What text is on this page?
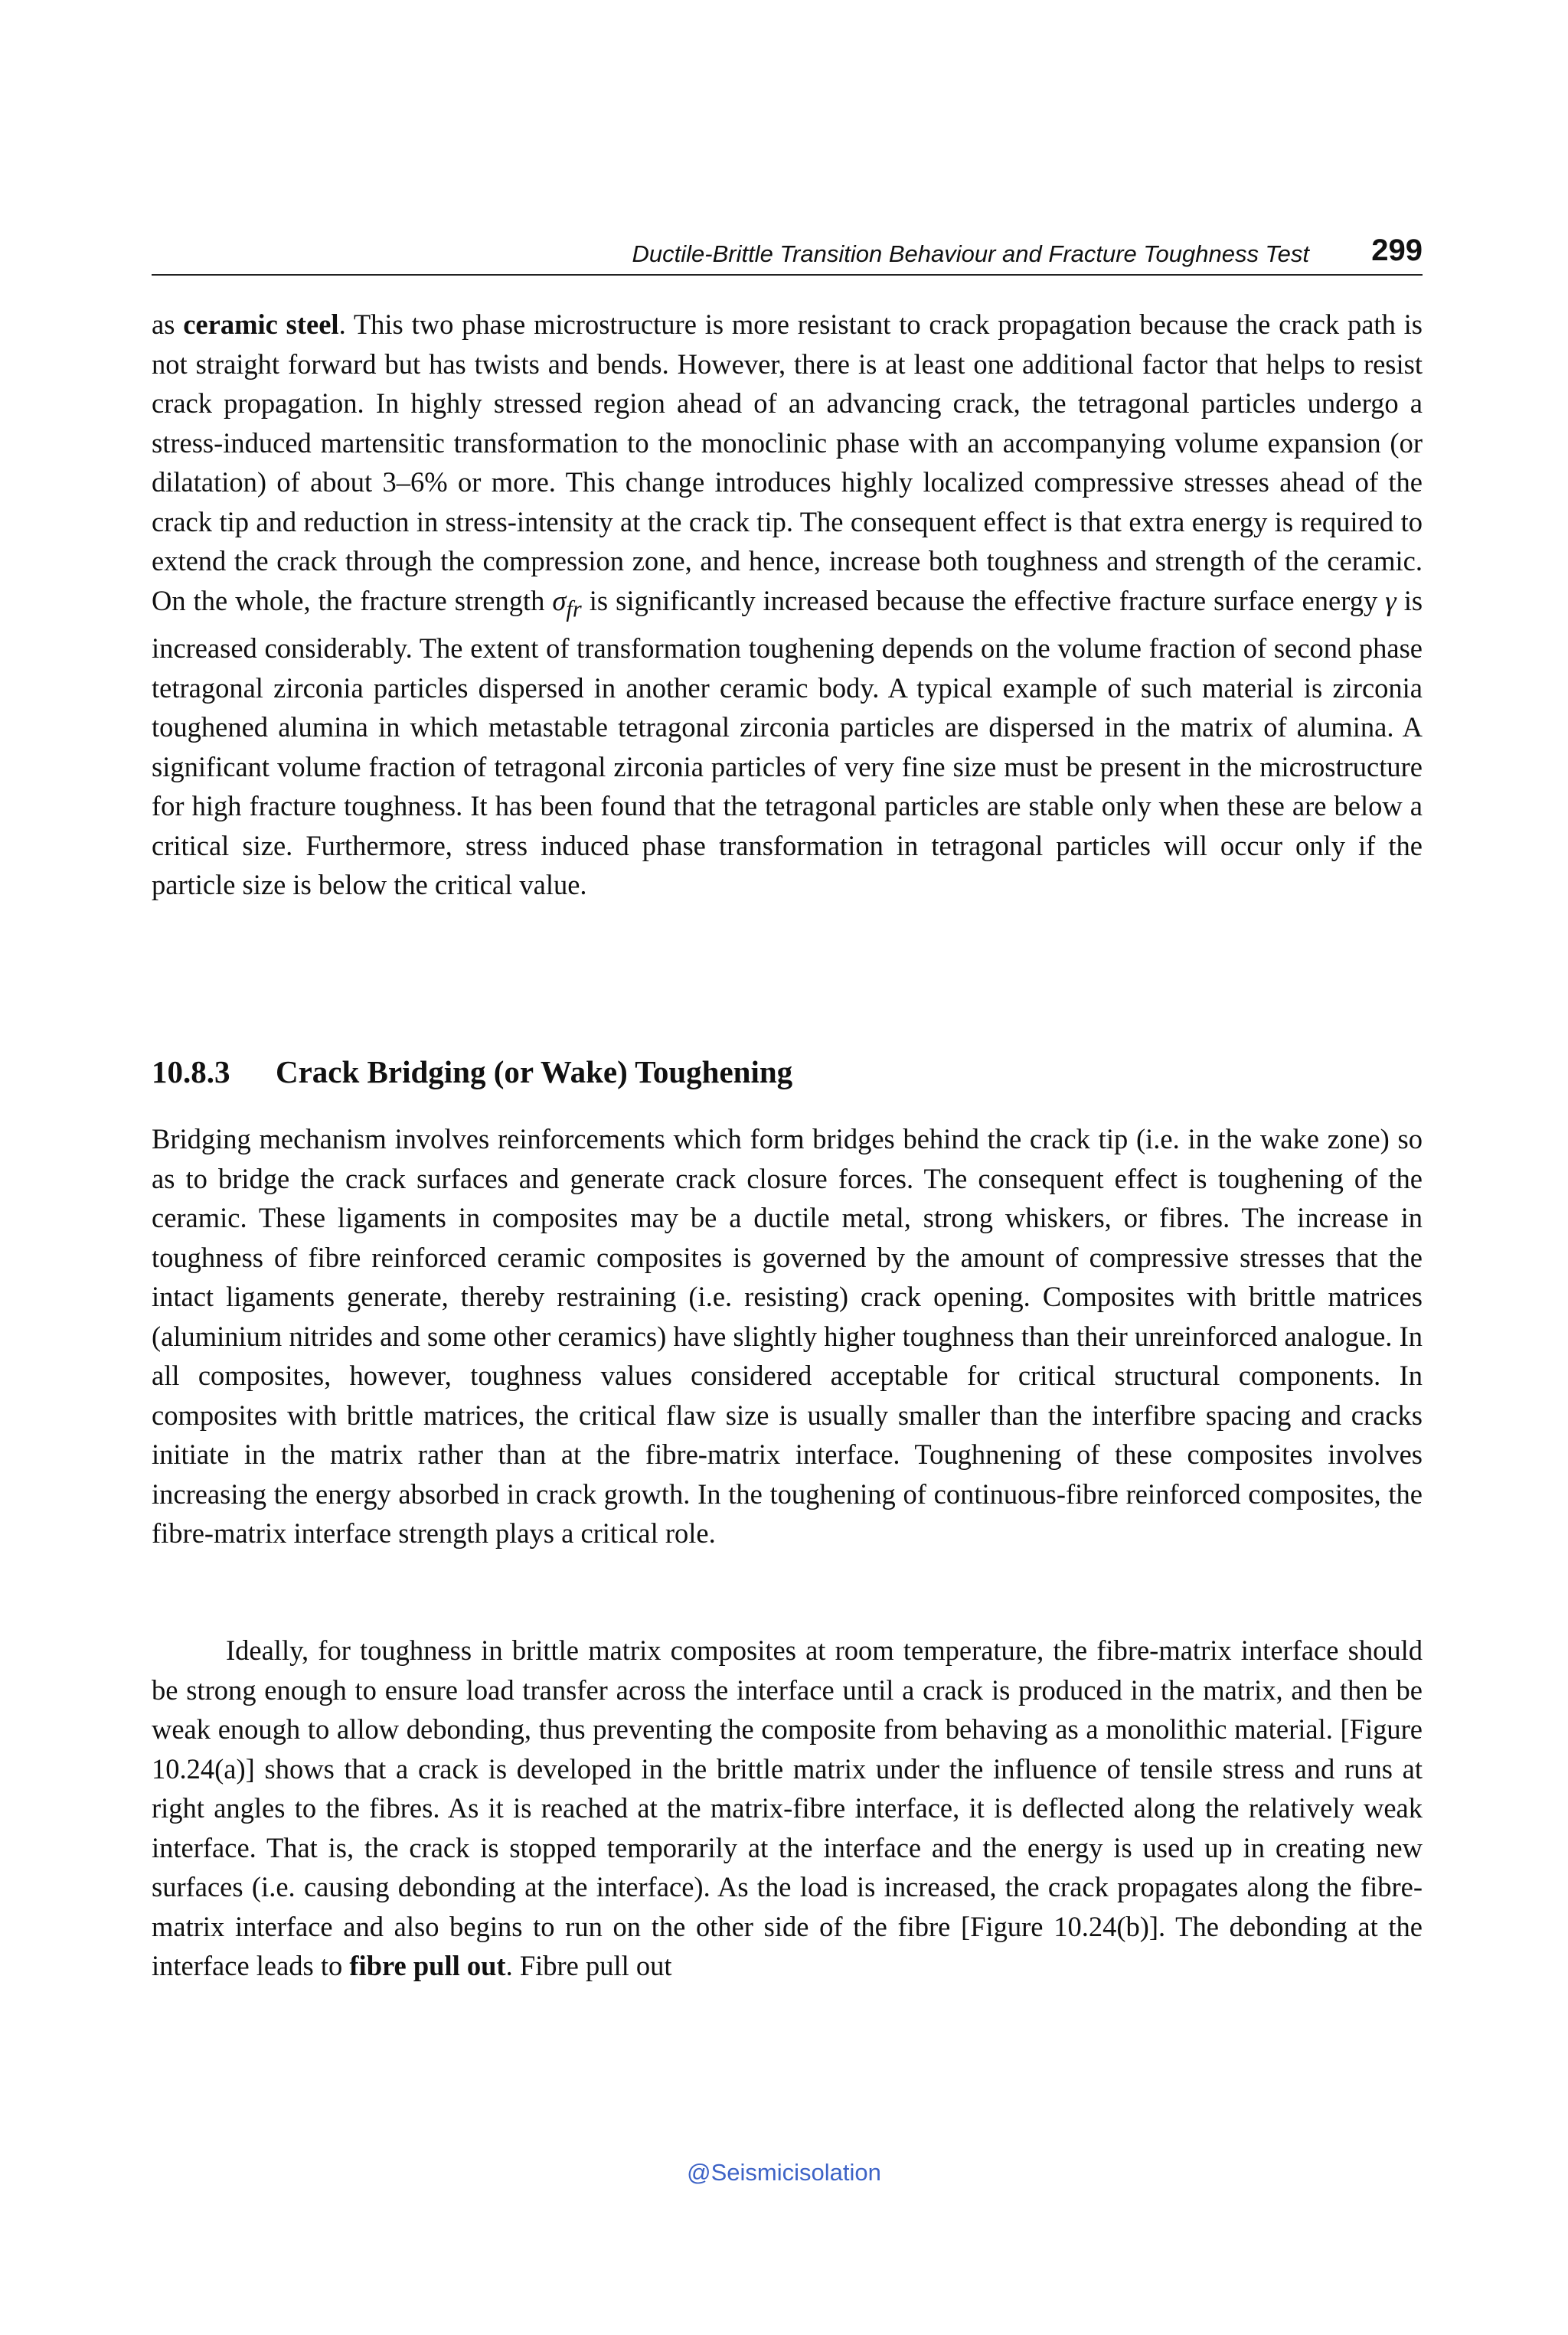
Ductile-Brittle Transition Behaviour and Fracture Toughness Test 299

as ceramic steel. This two phase microstructure is more resistant to crack propagation because the crack path is not straight forward but has twists and bends. However, there is at least one additional factor that helps to resist crack propagation. In highly stressed region ahead of an advancing crack, the tetragonal particles undergo a stress-induced martensitic transformation to the monoclinic phase with an accompanying volume expansion (or dilatation) of about 3–6% or more. This change introduces highly localized compressive stresses ahead of the crack tip and reduction in stress-intensity at the crack tip. The consequent effect is that extra energy is required to extend the crack through the compression zone, and hence, increase both toughness and strength of the ceramic. On the whole, the fracture strength $\sigma_{fr}$ is significantly increased because the effective fracture surface energy γ is increased considerably. The extent of transformation toughening depends on the volume fraction of second phase tetragonal zirconia particles dispersed in another ceramic body. A typical example of such material is zirconia toughened alumina in which metastable tetragonal zirconia particles are dispersed in the matrix of alumina. A significant volume fraction of tetragonal zirconia particles of very fine size must be present in the microstructure for high fracture toughness. It has been found that the tetragonal particles are stable only when these are below a critical size. Furthermore, stress induced phase transformation in tetragonal particles will occur only if the particle size is below the critical value.

10.8.3 Crack Bridging (or Wake) Toughening

Bridging mechanism involves reinforcements which form bridges behind the crack tip (i.e. in the wake zone) so as to bridge the crack surfaces and generate crack closure forces. The consequent effect is toughening of the ceramic. These ligaments in composites may be a ductile metal, strong whiskers, or fibres. The increase in toughness of fibre reinforced ceramic composites is governed by the amount of compressive stresses that the intact ligaments generate, thereby restraining (i.e. resisting) crack opening. Composites with brittle matrices (aluminium nitrides and some other ceramics) have slightly higher toughness than their unreinforced analogue. In all composites, however, toughness values considered acceptable for critical structural components. In composites with brittle matrices, the critical flaw size is usually smaller than the interfibre spacing and cracks initiate in the matrix rather than at the fibre-matrix interface. Toughnening of these composites involves increasing the energy absorbed in crack growth. In the toughening of continuous-fibre reinforced composites, the fibre-matrix interface strength plays a critical role.

Ideally, for toughness in brittle matrix composites at room temperature, the fibre-matrix interface should be strong enough to ensure load transfer across the interface until a crack is produced in the matrix, and then be weak enough to allow debonding, thus preventing the composite from behaving as a monolithic material. [Figure 10.24(a)] shows that a crack is developed in the brittle matrix under the influence of tensile stress and runs at right angles to the fibres. As it is reached at the matrix-fibre interface, it is deflected along the relatively weak interface. That is, the crack is stopped temporarily at the interface and the energy is used up in creating new surfaces (i.e. causing debonding at the interface). As the load is increased, the crack propagates along the fibre-matrix interface and also begins to run on the other side of the fibre [Figure 10.24(b)]. The debonding at the interface leads to fibre pull out. Fibre pull out

@Seismicisolation
